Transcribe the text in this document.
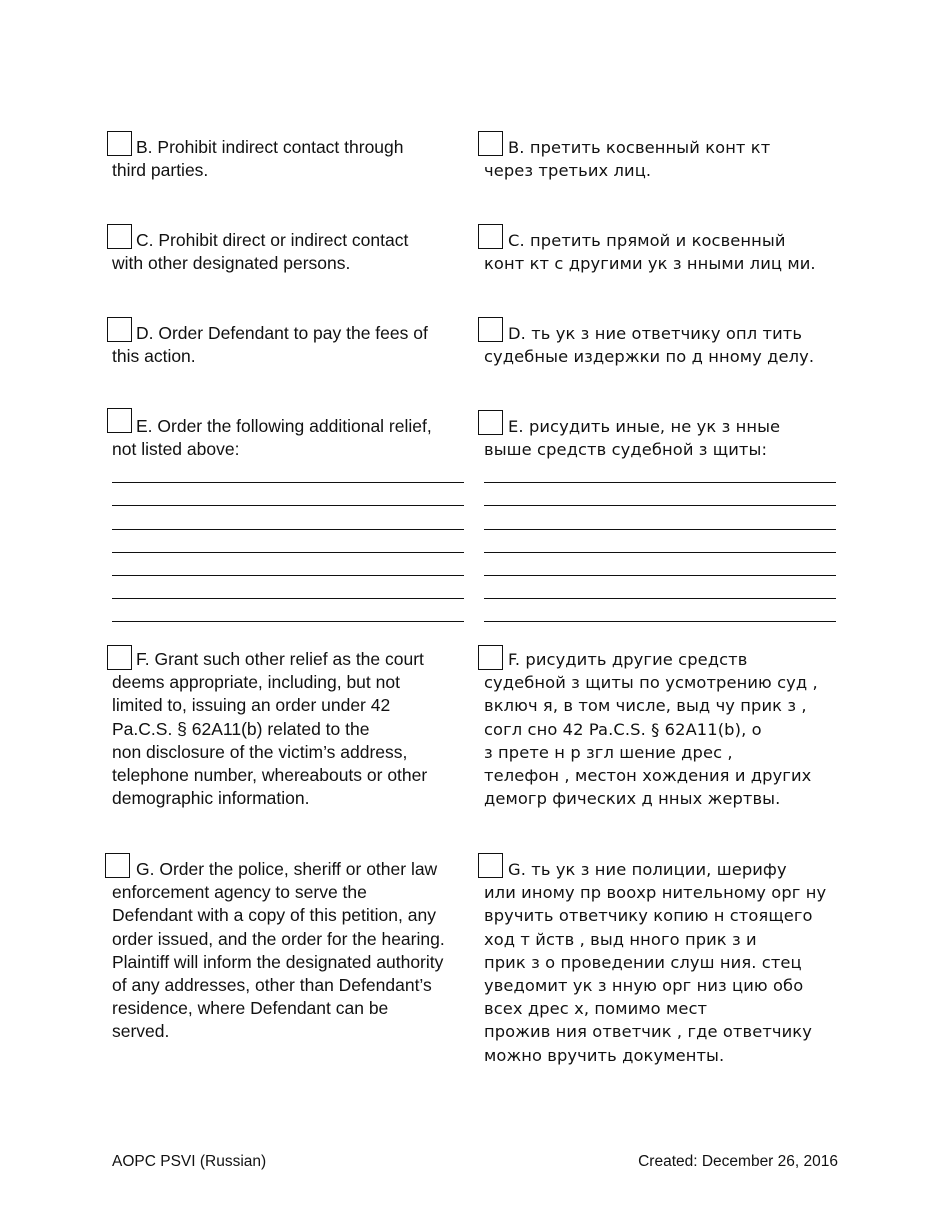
B. Prohibit indirect contact through
third parties.
B. претить косвенный конт кт
через третьих лиц.
C. Prohibit direct or indirect contact
with other designated persons.
C. претить прямой и косвенный
конт кт с другими ук з нными лиц ми.
D. Order Defendant to pay the fees of
this action.
D. ть ук з ние ответчику опл тить
судебные издержки по д нному делу.
E. Order the following additional relief,
not listed above:
E. рисудить иные, не ук з нные
выше средств судебной з щиты:
F. Grant such other relief as the court
deems appropriate, including, but not
limited to, issuing an order under 42
Pa.C.S. § 62A11(b) related to the
non disclosure of the victim’s address,
telephone number, whereabouts or other
demographic information.
F. рисудить другие средств
судебной з щиты по усмотрению суд ,
включ я, в том числе, выд чу прик з ,
согл сно 42 Pa.C.S. § 62A11(b), о
з прете н р згл шение дрес ,
телефон , местон хождения и других
демогр фических д нных жертвы.
G. Order the police, sheriff or other law
enforcement agency to serve the
Defendant with a copy of this petition, any
order issued, and the order for the hearing.
Plaintiff will inform the designated authority
of any addresses, other than Defendant’s
residence, where Defendant can be
served.
G. ть ук з ние полиции, шерифу
или иному пр воохр нительному орг ну
вручить ответчику копию н стоящего
ход т йств , выд нного прик з и
прик з о проведении слуш ния. стец
уведомит ук з нную орг низ цию обо
всех дрес х, помимо мест
прожив ния ответчик , где ответчику
можно вручить документы.
AOPC PSVI (Russian)	Created: December 26, 2016
